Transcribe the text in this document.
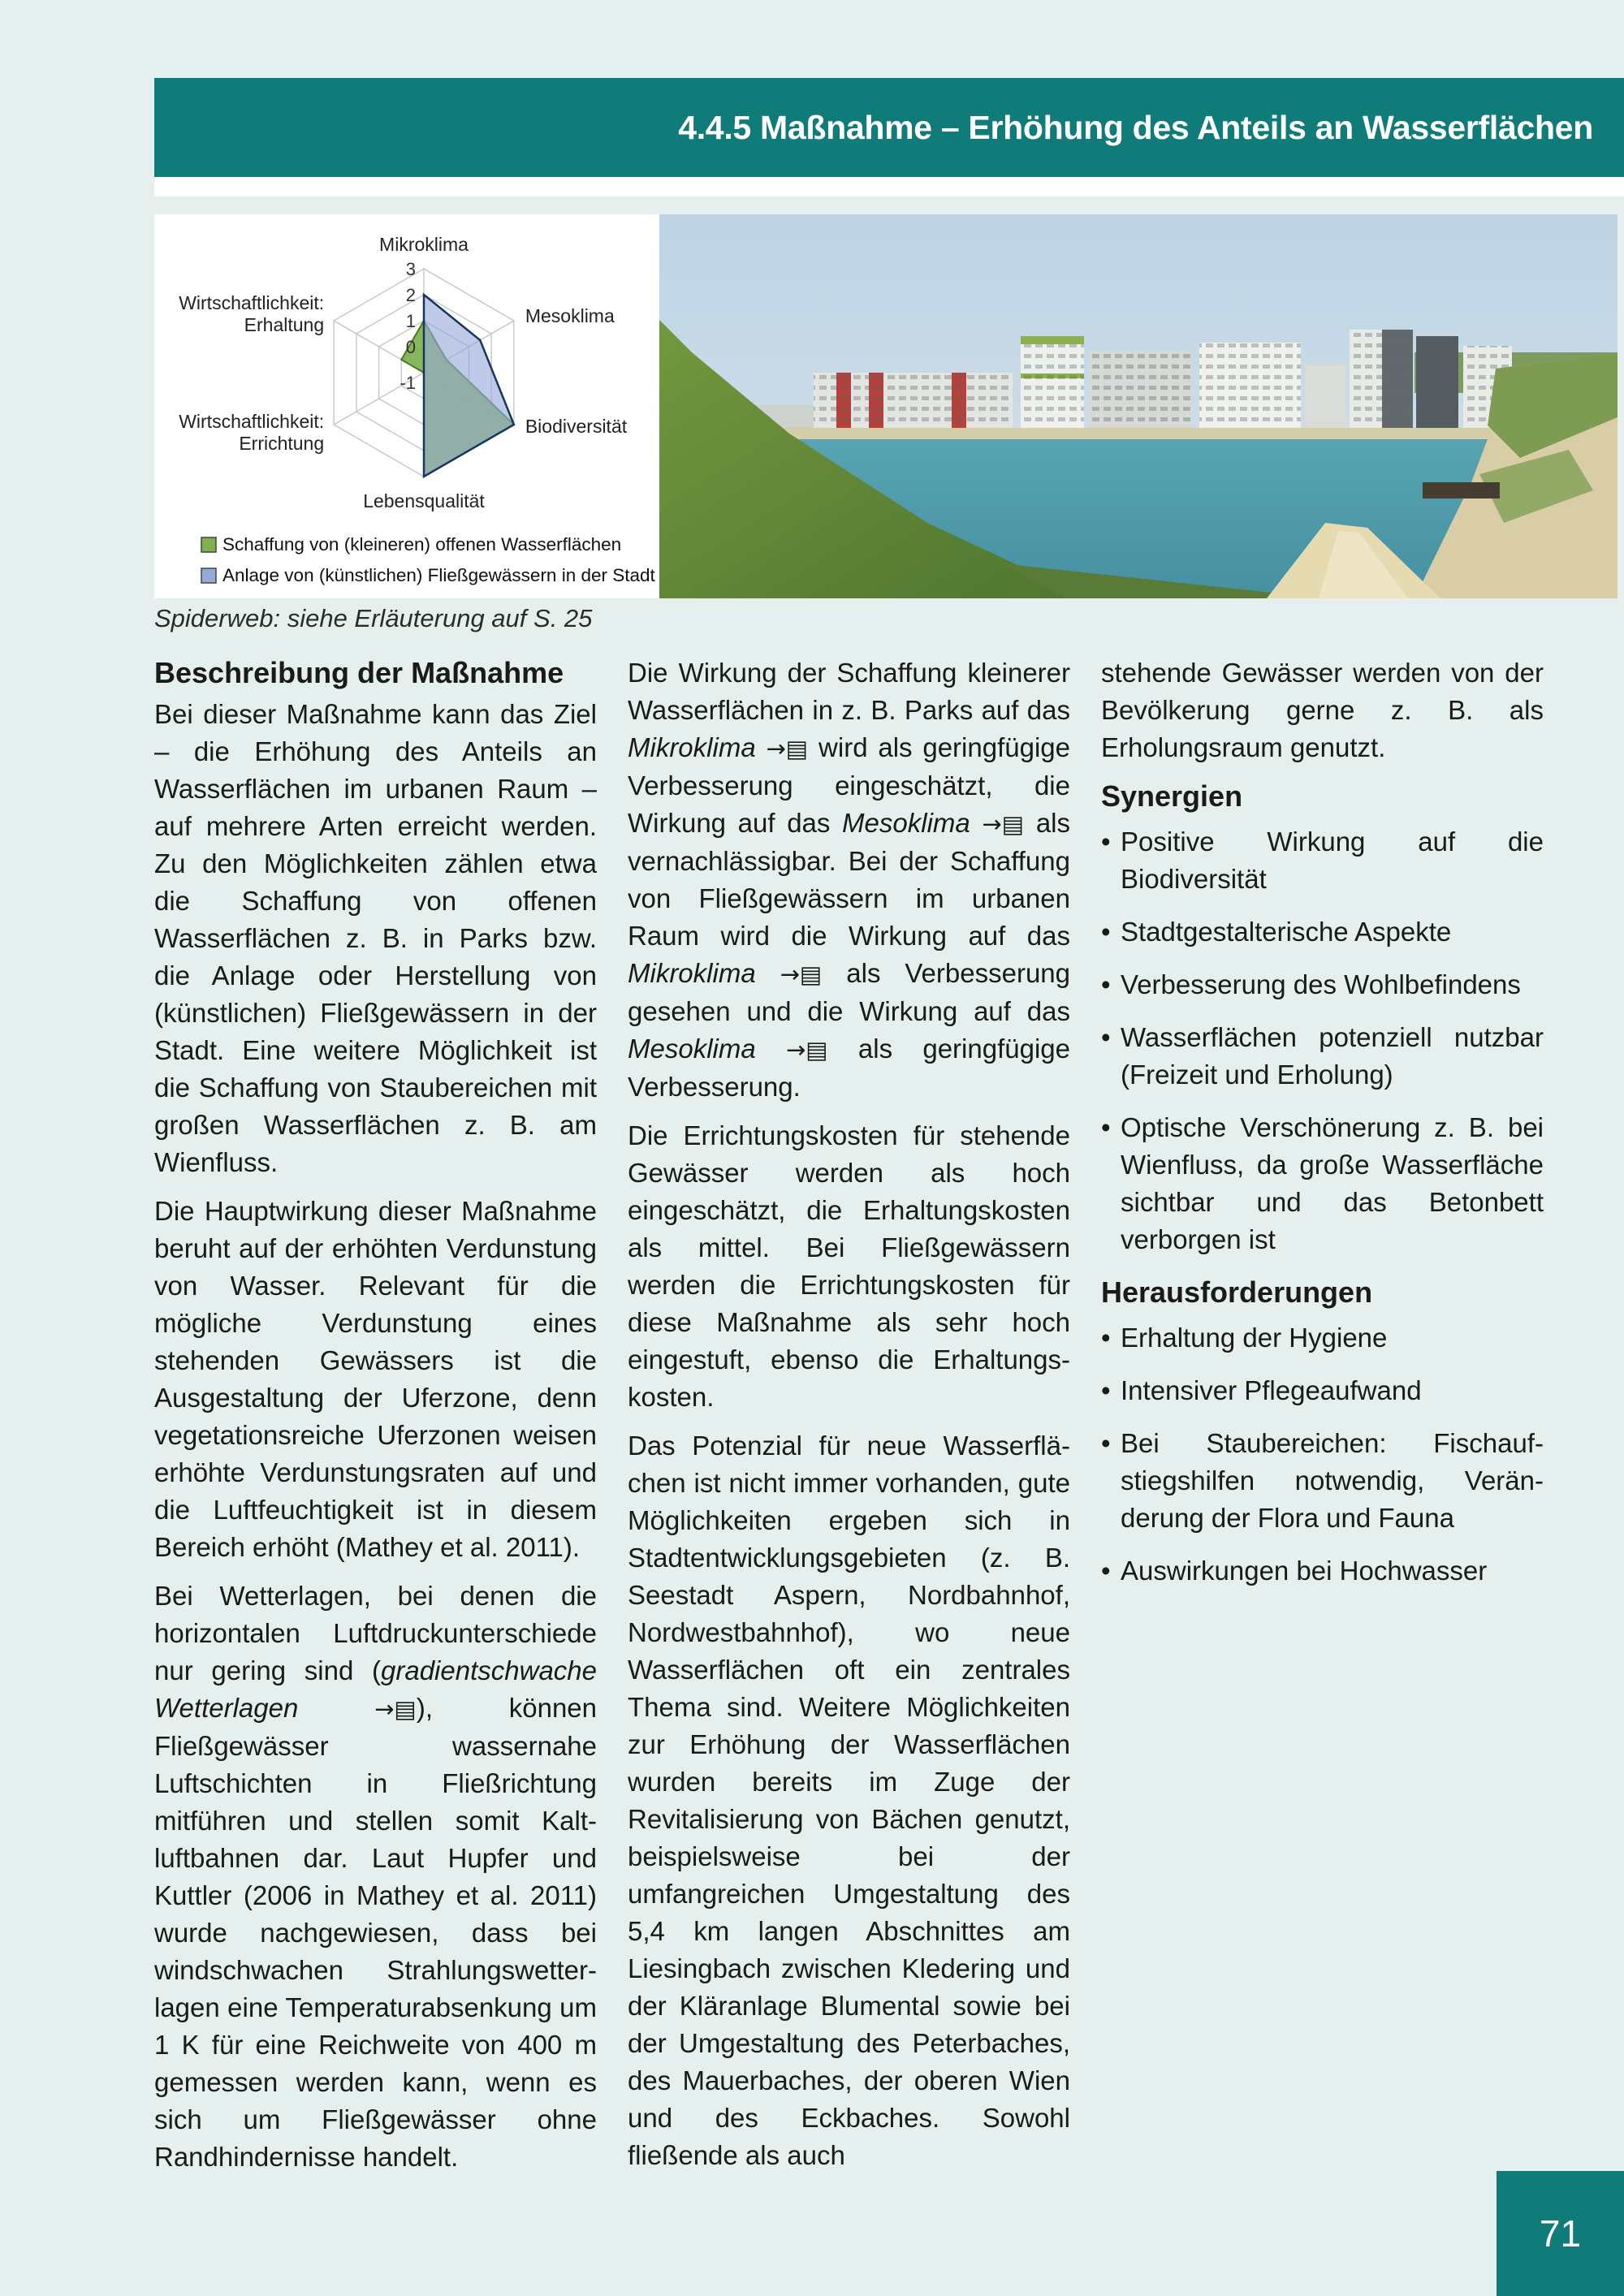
4.4.5 Maßnahme – Erhöhung des Anteils an Wasserflächen
3
2
1
0
-1
Mikroklima
Mesoklima
Biodiversität
Lebensqualität
Wirtschaftlichkeit:
Errichtung
Wirtschaftlichkeit:
Erhaltung
Schaffung von (kleineren) offenen Wasserflächen
Anlage von (künstlichen) Fließgewässern in der Stadt
Spiderweb: siehe Erläuterung auf S. 25
Beschreibung der Maßnahme

Bei dieser Maßnahme kann das Ziel – die Erhöhung des Anteils an Wasserflächen im urbanen Raum – auf mehrere Arten erreicht werden. Zu den Möglichkeiten zählen etwa die Schaffung von offenen Wasserflächen z. B. in Parks bzw. die Anlage oder Herstellung von (künstlichen) Fließgewässern in der Stadt. Eine weitere Möglichkeit ist die Schaffung von Staubereichen mit großen Wasserflächen z. B. am Wienfluss.

Die Hauptwirkung dieser Maßnahme beruht auf der erhöhten Verdunstung von Wasser. Relevant für die mögliche Verdunstung eines stehenden Gewässers ist die Ausgestaltung der Uferzone, denn vegetationsreiche Uferzonen weisen erhöhte Verdunstungsraten auf und die Luftfeuchtigkeit ist in diesem Bereich erhöht (Mathey et al. 2011).

Bei Wetterlagen, bei denen die horizontalen Luftdruckunterschiede nur gering sind (gradientschwache Wetterlagen	→▤), können Fließgewässer wassernahe Luftschichten in Fließrichtung mitführen und stellen somit Kaltluftbahnen dar. Laut Hupfer und Kuttler (2006 in Mathey et al. 2011) wurde nachgewiesen, dass bei windschwachen Strahlungswetterlagen eine Temperaturabsenkung um 1 K für eine Reichweite von 400 m gemessen werden kann, wenn es sich um Fließgewässer ohne Randhindernisse handelt.

Die Wirkung der Schaffung kleinerer Wasserflächen in z. B. Parks auf das Mikroklima →▤ wird als geringfügige Verbesserung eingeschätzt, die Wirkung auf das Mesoklima →▤ als vernachlässigbar. Bei der Schaffung von Fließgewässern im urbanen Raum wird die Wirkung auf das Mikroklima →▤ als Verbesserung gesehen und die Wirkung auf das Mesoklima →▤ als geringfügige Verbesserung.

Die Errichtungskosten für stehende Gewässer werden als hoch eingeschätzt, die Erhaltungskosten als mittel. Bei Fließgewässern werden die Errichtungskosten für diese Maßnahme als sehr hoch eingestuft, ebenso die Erhaltungskosten.

Das Potenzial für neue Wasserflächen ist nicht immer vorhanden, gute Möglichkeiten ergeben sich in Stadtentwicklungsgebieten (z. B. Seestadt Aspern, Nordbahnhof, Nordwestbahnhof), wo neue Wasserflächen oft ein zentrales Thema sind. Weitere Möglichkeiten zur Erhöhung der Wasserflächen wurden bereits im Zuge der Revitalisierung von Bächen genutzt, beispielsweise bei der umfangreichen Umgestaltung des 5,4 km langen Abschnittes am Liesingbach zwischen Kledering und der Kläranlage Blumental sowie bei der Umgestaltung des Peterbaches, des Mauerbaches, der oberen Wien und des Eckbaches. Sowohl fließende als auch

stehende Gewässer werden von der Bevölkerung gerne z. B. als Erholungsraum genutzt.

Synergien
• Positive Wirkung auf die Biodiversität
• Stadtgestalterische Aspekte
• Verbesserung des Wohlbefindens
• Wasserflächen potenziell nutzbar (Freizeit und Erholung)
• Optische Verschönerung z. B. bei Wienfluss, da große Wasserfläche sichtbar und das Betonbett verborgen ist
Herausforderungen
• Erhaltung der Hygiene
• Intensiver Pflegeaufwand
• Bei Staubereichen: Fischaufstiegshilfen notwendig, Veränderung der Flora und Fauna
• Auswirkungen bei Hochwasser
71
